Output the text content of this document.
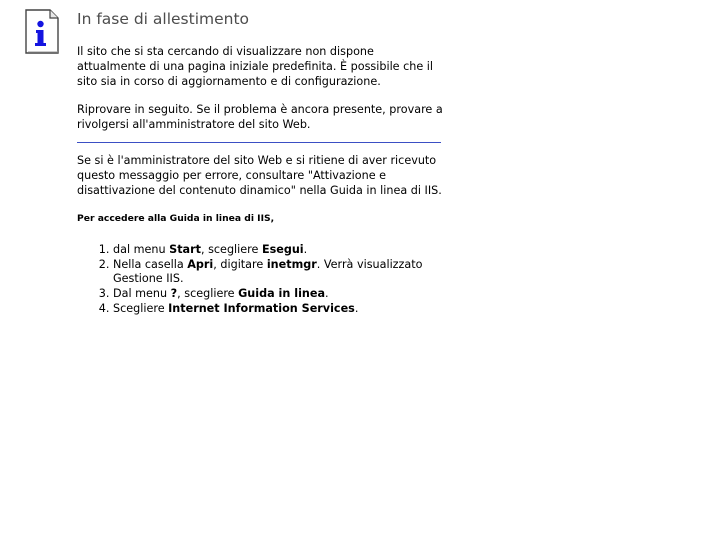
In fase di allestimento

Il sito che si sta cercando di visualizzare non dispone attualmente di una pagina iniziale predefinita. È possibile che il sito sia in corso di aggiornamento e di configurazione.

Riprovare in seguito. Se il problema è ancora presente, provare a rivolgersi all'amministratore del sito Web.

Se si è l'amministratore del sito Web e si ritiene di aver ricevuto questo messaggio per errore, consultare "Attivazione e disattivazione del contenuto dinamico" nella Guida in linea di IIS.

Per accedere alla Guida in linea di IIS,

1. dal menu Start, scegliere Esegui.
2. Nella casella Apri, digitare inetmgr. Verrà visualizzato Gestione IIS.
3. Dal menu ?, scegliere Guida in linea.
4. Scegliere Internet Information Services.
